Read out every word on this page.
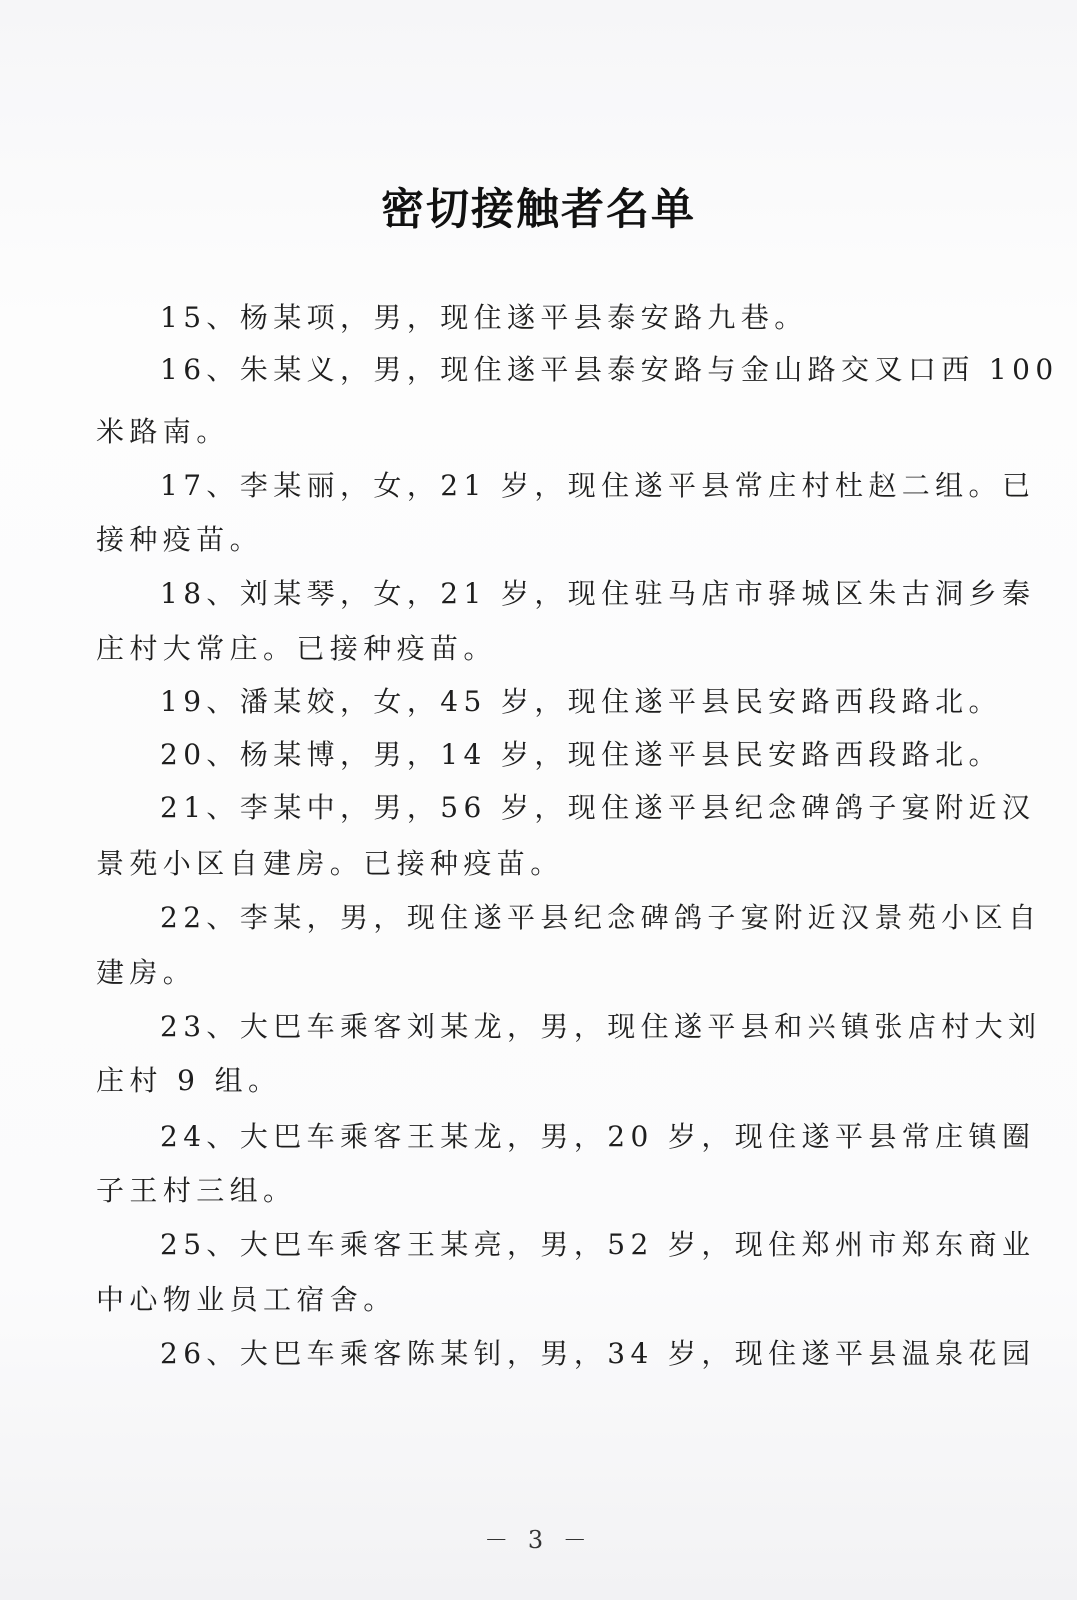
密切接触者名单
15、杨某项，男，现住遂平县泰安路九巷。
16、朱某义，男，现住遂平县泰安路与金山路交叉口西 100
米路南。
17、李某丽，女，21 岁，现住遂平县常庄村杜赵二组。已
接种疫苗。
18、刘某琴，女，21 岁，现住驻马店市驿城区朱古洞乡秦
庄村大常庄。已接种疫苗。
19、潘某姣，女，45 岁，现住遂平县民安路西段路北。
20、杨某博，男，14 岁，现住遂平县民安路西段路北。
21、李某中，男，56 岁，现住遂平县纪念碑鸽子宴附近汉
景苑小区自建房。已接种疫苗。
22、李某，男，现住遂平县纪念碑鸽子宴附近汉景苑小区自
建房。
23、大巴车乘客刘某龙，男，现住遂平县和兴镇张店村大刘
庄村 9 组。
24、大巴车乘客王某龙，男，20 岁，现住遂平县常庄镇圈
子王村三组。
25、大巴车乘客王某亮，男，52 岁，现住郑州市郑东商业
中心物业员工宿舍。
26、大巴车乘客陈某钊，男，34 岁，现住遂平县温泉花园
－ 3 －
